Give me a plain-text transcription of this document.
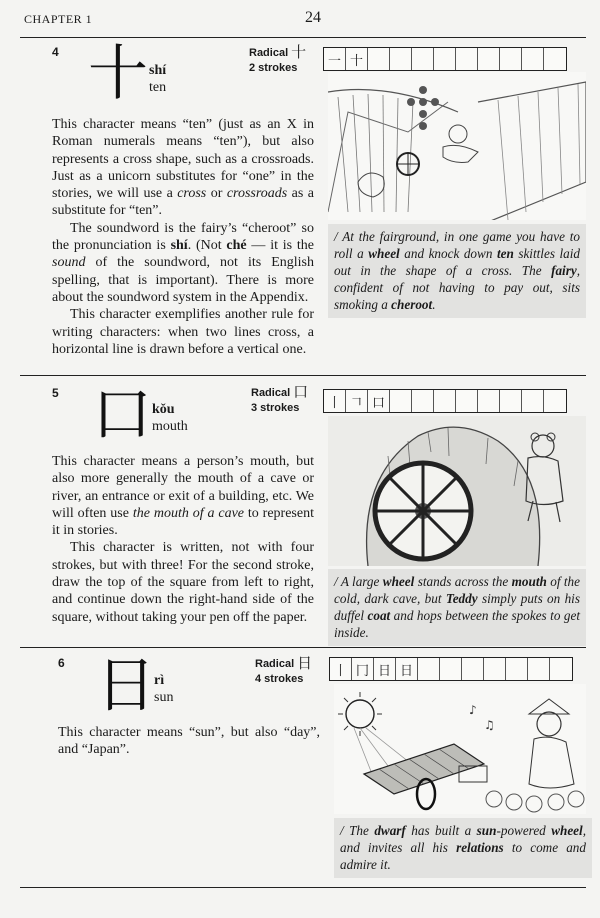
CHAPTER 1	24
4 十 shí
ten
Radical 十
2 strokes	一 十

This character means “ten” (just as an X in Roman numerals means “ten”), but also represents a cross shape, such as a crossroads. Just as a unicorn substitutes for “one” in the stories, we will use a cross or crossroads as a substitute for “ten”.

The soundword is the fairy’s “cheroot” so the pronunciation is shí. (Not ché — it is the sound of the soundword, not its English spelling, that is important). There is more about the soundword system in the Appendix.

This character exemplifies another rule for writing characters: when two lines cross, a horizontal line is drawn before a vertical one.

/ At the fairground, in one game you have to roll a wheel and knock down ten skittles laid out in the shape of a cross. The fairy, confident of not having to pay out, sits smoking a cheroot.
5 口 kǒu
mouth
Radical 口
3 strokes	丨 𠃍 口

This character means a person’s mouth, but also more generally the mouth of a cave or river, an entrance or exit of a building, etc. We will often use the mouth of a cave to represent it in stories.

This character is written, not with four strokes, but with three! For the second stroke, draw the top of the square from left to right, and continue down the right-hand side of the square, without taking your pen off the paper.

/ A large wheel stands across the mouth of the cold, dark cave, but Teddy simply puts on his duffel coat and hops between the spokes to get inside.
6 日
rì
sun
Radical 日
4 strokes
丨 冂 日 日

This character means “sun”, but also “day”, and “Japan”.

♪
♫
/ The dwarf has built a sun-powered wheel, and invites all his relations to come and admire it.
